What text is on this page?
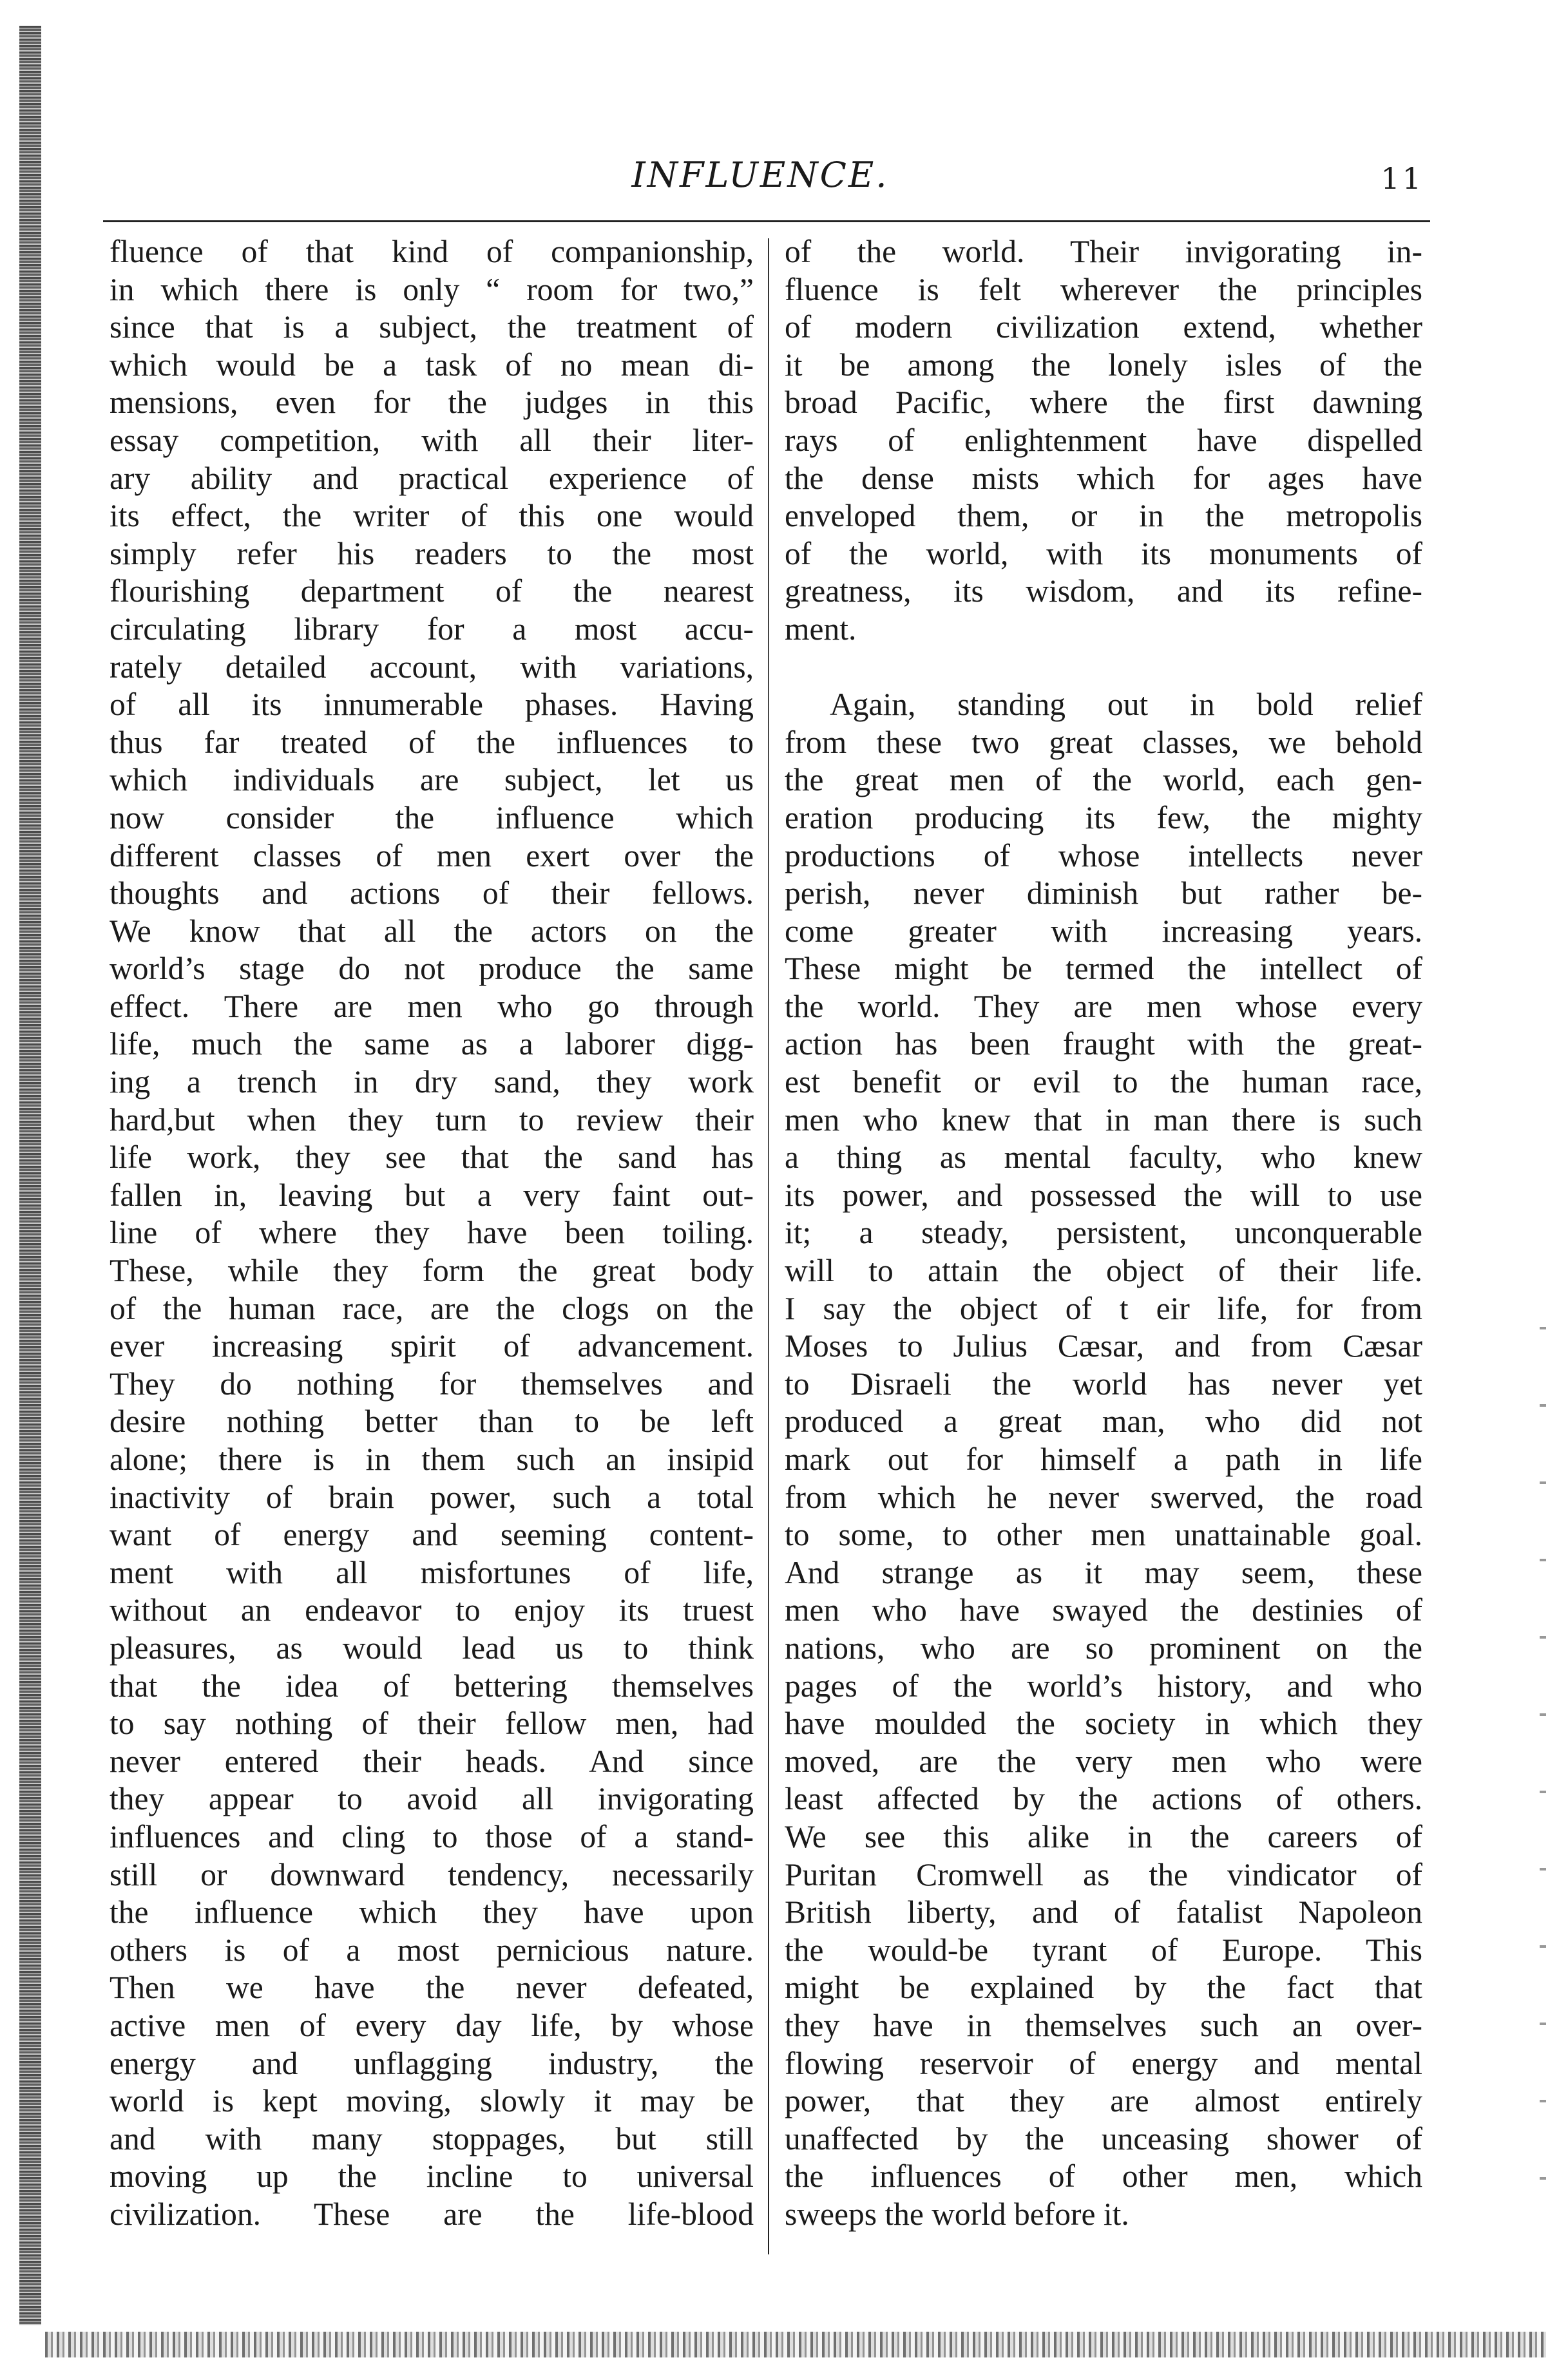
INFLUENCE.	11
fluence of that kind of companionship,
in which there is only “ room for two,”
since that is a subject, the treatment of
which would be a task of no mean di-
mensions, even for the judges in this
essay competition, with all their liter-
ary ability and practical experience of
its effect, the writer of this one would
simply refer his readers to the most
flourishing department of the nearest
circulating library for a most accu-
rately detailed account, with variations,
of all its innumerable phases. Having
thus far treated of the influences to
which individuals are subject, let us
now consider the influence which
different classes of men exert over the
thoughts and actions of their fellows.
We know that all the actors on the
world’s stage do not produce the same
effect. There are men who go through
life, much the same as a laborer digg-
ing a trench in dry sand, they work
hard,but when they turn to review their
life work, they see that the sand has
fallen in, leaving but a very faint out-
line of where they have been toiling.
These, while they form the great body
of the human race, are the clogs on the
ever increasing spirit of advancement.
They do nothing for themselves and
desire nothing better than to be left
alone; there is in them such an insipid
inactivity of brain power, such a total
want of energy and seeming content-
ment with all misfortunes of life,
without an endeavor to enjoy its truest
pleasures, as would lead us to think
that the idea of bettering themselves
to say nothing of their fellow men, had
never entered their heads. And since
they appear to avoid all invigorating
influences and cling to those of a stand-
still or downward tendency, necessarily
the influence which they have upon
others is of a most pernicious nature.
Then we have the never defeated,
active men of every day life, by whose
energy and unflagging industry, the
world is kept moving, slowly it may be
and with many stoppages, but still
moving up the incline to universal
civilization. These are the life-blood
of the world. Their invigorating in-
fluence is felt wherever the principles
of modern civilization extend, whether
it be among the lonely isles of the
broad Pacific, where the first dawning
rays of enlightenment have dispelled
the dense mists which for ages have
enveloped them, or in the metropolis
of the world, with its monuments of
greatness, its wisdom, and its refine-
ment.
Again, standing out in bold relief
from these two great classes, we behold
the great men of the world, each gen-
eration producing its few, the mighty
productions of whose intellects never
perish, never diminish but rather be-
come greater with increasing years.
These might be termed the intellect of
the world. They are men whose every
action has been fraught with the great-
est benefit or evil to the human race,
men who knew that in man there is such
a thing as mental faculty, who knew
its power, and possessed the will to use
it; a steady, persistent, unconquerable
will to attain the object of their life.
I say the object of t eir life, for from
Moses to Julius Cæsar, and from Cæsar
to Disraeli the world has never yet
produced a great man, who did not
mark out for himself a path in life
from which he never swerved, the road
to some, to other men unattainable goal.
And strange as it may seem, these
men who have swayed the destinies of
nations, who are so prominent on the
pages of the world’s history, and who
have moulded the society in which they
moved, are the very men who were
least affected by the actions of others.
We see this alike in the careers of
Puritan Cromwell as the vindicator of
British liberty, and of fatalist Napoleon
the would-be tyrant of Europe. This
might be explained by the fact that
they have in themselves such an over-
flowing reservoir of energy and mental
power, that they are almost entirely
unaffected by the unceasing shower of
the influences of other men, which
sweeps the world before it.
